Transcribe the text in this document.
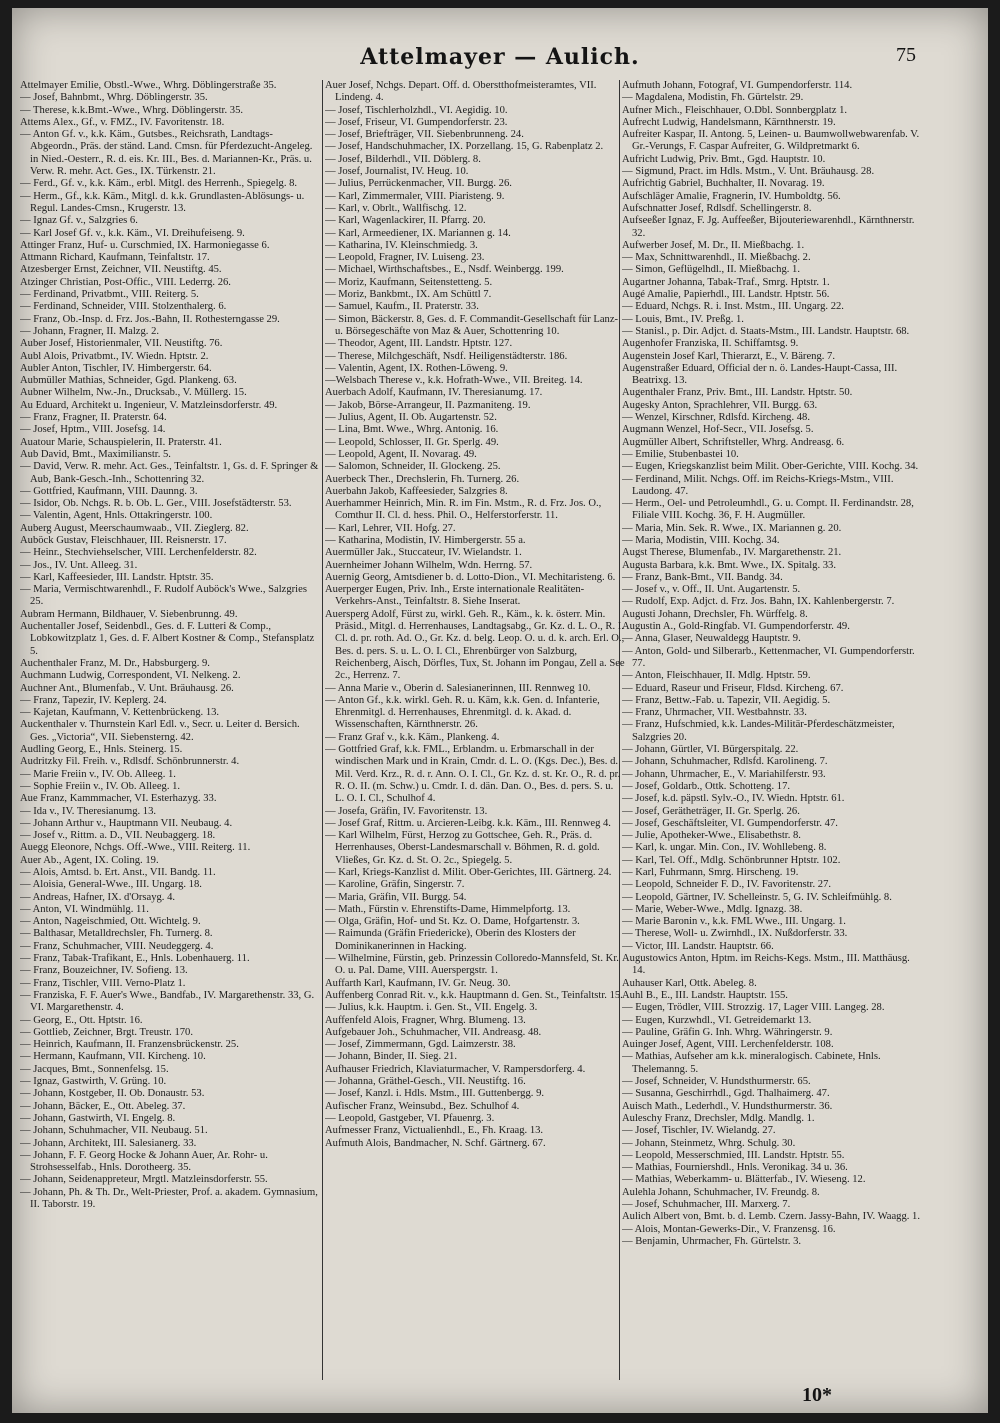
Attelmayer — Aulich.	75

Attelmayer Emilie, Obstl.-Wwe., Whrg. Döblingerstraße 35.

— Josef, Bahnbmt., Whrg. Döblingerstr. 35.

— Therese, k.k.Bmt.-Wwe., Whrg. Döblingerstr. 35.

Attems Alex., Gf., v. FMZ., IV. Favoritenstr. 18.

— Anton Gf. v., k.k. Käm., Gutsbes., Reichsrath, Landtags-Abgeordn., Präs. der ständ. Land. Cmsn. für Pferdezucht-Angeleg. in Nied.-Oesterr., R. d. eis. Kr. III., Bes. d. Mariannen-Kr., Präs. u. Verw. R. mehr. Act. Ges., IX. Türkenstr. 21.

— Ferd., Gf. v., k.k. Käm., erbl. Mitgl. des Herrenh., Spiegelg. 8.

— Herm., Gf., k.k. Käm., Mitgl. d. k.k. Grundlasten-Ablösungs- u. Regul. Landes-Cmsn., Krugerstr. 13.

— Ignaz Gf. v., Salzgries 6.

— Karl Josef Gf. v., k.k. Käm., VI. Dreihufeiseng. 9.

Attinger Franz, Huf- u. Curschmied, IX. Harmoniegasse 6.

Attmann Richard, Kaufmann, Teinfaltstr. 17.

Atzesberger Ernst, Zeichner, VII. Neustiftg. 45.

Atzinger Christian, Post-Offic., VIII. Lederrg. 26.

— Ferdinand, Privatbmt., VIII. Reiterg. 5.

— Ferdinand, Schneider, VIII. Stolzenthalerg. 6.

— Franz, Ob.-Insp. d. Frz. Jos.-Bahn, II. Rothesterngasse 29.

— Johann, Fragner, II. Malzg. 2.

Auber Josef, Historienmaler, VII. Neustiftg. 76.

Aubl Alois, Privatbmt., IV. Wiedn. Hptstr. 2.

Aubler Anton, Tischler, IV. Himbergerstr. 64.

Aubmüller Mathias, Schneider, Ggd. Plankeng. 63.

Aubner Wilhelm, Nw.-Jn., Drucksab., V. Müllerg. 15.

Au Eduard, Architekt u. Ingenieur, V. Matzleinsdorferstr. 49.

— Franz, Fragner, II. Praterstr. 64.

— Josef, Hptm., VIII. Josefsg. 14.

Auatour Marie, Schauspielerin, II. Praterstr. 41.

Aub David, Bmt., Maximilianstr. 5.

— David, Verw. R. mehr. Act. Ges., Teinfaltstr. 1, Gs. d. F. Springer & Aub, Bank-Gesch.-Inh., Schottenring 32.

— Gottfried, Kaufmann, VIII. Daunng. 3.

— Isidor, Ob. Nchgs. R. b. Ob. L. Ger., VIII. Josefstädterstr. 53.

— Valentin, Agent, Hnls. Ottakringerstr. 100.

Auberg August, Meerschaumwaab., VII. Zieglerg. 82.

Auböck Gustav, Fleischhauer, III. Reisnerstr. 17.

— Heinr., Stechviehselscher, VIII. Lerchenfelderstr. 82.

— Jos., IV. Unt. Alleeg. 31.

— Karl, Kaffeesieder, III. Landstr. Hptstr. 35.

— Maria, Vermischtwarenhdl., F. Rudolf Auböck's Wwe., Salzgries 25.

Aubram Hermann, Bildhauer, V. Siebenbrunng. 49.

Auchentaller Josef, Seidenbdl., Ges. d. F. Lutteri & Comp., Lobkowitzplatz 1, Ges. d. F. Albert Kostner & Comp., Stefansplatz 5.

Auchenthaler Franz, M. Dr., Habsburgerg. 9.

Auchmann Ludwig, Correspondent, VI. Nelkeng. 2.

Auchner Ant., Blumenfab., V. Unt. Bräuhausg. 26.

— Franz, Tapezir, IV. Keplerg. 24.

— Kajetan, Kaufmann, V. Kettenbrückeng. 13.

Auckenthaler v. Thurnstein Karl Edl. v., Secr. u. Leiter d. Bersich. Ges. „Victoria“, VII. Siebensterng. 42.

Audling Georg, E., Hnls. Steinerg. 15.

Audritzky Fil. Freih. v., Rdlsdf. Schönbrunnerstr. 4.

— Marie Freiin v., IV. Ob. Alleeg. 1.

— Sophie Freiin v., IV. Ob. Alleeg. 1.

Aue Franz, Kammmacher, VI. Esterhazyg. 33.

— Ida v., IV. Theresianumg. 13.

— Johann Arthur v., Hauptmann VII. Neubaug. 4.

— Josef v., Rittm. a. D., VII. Neubaggerg. 18.

Auegg Eleonore, Nchgs. Off.-Wwe., VIII. Reiterg. 11.

Auer Ab., Agent, IX. Coling. 19.

— Alois, Amtsd. b. Ert. Anst., VII. Bandg. 11.

— Aloisia, General-Wwe., III. Ungarg. 18.

— Andreas, Hafner, IX. d'Orsayg. 4.

— Anton, VI. Windmühlg. 11.

— Anton, Nageischmied, Ott. Wichtelg. 9.

— Balthasar, Metalldrechsler, Fh. Turnerg. 8.

— Franz, Schuhmacher, VIII. Neudeggerg. 4.

— Franz, Tabak-Trafikant, E., Hnls. Lobenhauerg. 11.

— Franz, Bouzeichner, IV. Sofieng. 13.

— Franz, Tischler, VIII. Verno-Platz 1.

— Franziska, F. F. Auer's Wwe., Bandfab., IV. Margarethenstr. 33, G. VI. Margarethenstr. 4.

— Georg, E., Ott. Hptstr. 16.

— Gottlieb, Zeichner, Brgt. Treustr. 170.

— Heinrich, Kaufmann, II. Franzensbrückenstr. 25.

— Hermann, Kaufmann, VII. Kircheng. 10.

— Jacques, Bmt., Sonnenfelsg. 15.

— Ignaz, Gastwirth, V. Grüng. 10.

— Johann, Kostgeber, II. Ob. Donaustr. 53.

— Johann, Bäcker, E., Ott. Abeleg. 37.

— Johann, Gastwirth, VI. Engelg. 8.

— Johann, Schuhmacher, VII. Neubaug. 51.

— Johann, Architekt, III. Salesianerg. 33.

— Johann, F. F. Georg Hocke & Johann Auer, Ar. Rohr- u. Strohsesselfab., Hnls. Dorotheerg. 35.

— Johann, Seidenappreteur, Mrgtl. Matzleinsdorferstr. 55.

— Johann, Ph. & Th. Dr., Welt-Priester, Prof. a. akadem. Gymnasium, II. Taborstr. 19.

Auer Josef, Nchgs. Depart. Off. d. Oberstthofmeisteramtes, VII. Lindeng. 4.

— Josef, Tischlerholzhdl., VI. Aegidig. 10.

— Josef, Friseur, VI. Gumpendorferstr. 23.

— Josef, Briefträger, VII. Siebenbrunneng. 24.

— Josef, Handschuhmacher, IX. Porzellang. 15, G. Rabenplatz 2.

— Josef, Bilderhdl., VII. Döblerg. 8.

— Josef, Journalist, IV. Heug. 10.

— Julius, Perrückenmacher, VII. Burgg. 26.

— Karl, Zimmermaler, VIII. Piaristeng. 9.

— Karl, v. Obrlt., Wallfischg. 12.

— Karl, Wagenlackirer, II. Pfarrg. 20.

— Karl, Armeediener, IX. Mariannen g. 14.

— Katharina, IV. Kleinschmiedg. 3.

— Leopold, Fragner, IV. Luiseng. 23.

— Michael, Wirthschaftsbes., E., Nsdf. Weinbergg. 199.

— Moriz, Kaufmann, Seitenstetteng. 5.

— Moriz, Bankbmt., IX. Am Schüttl 7.

— Samuel, Kaufm., II. Praterstr. 33.

— Simon, Bäckerstr. 8, Ges. d. F. Commandit-Gesellschaft für Lanz- u. Börsegeschäfte von Maz & Auer, Schottenring 10.

— Theodor, Agent, III. Landstr. Hptstr. 127.

— Therese, Milchgeschäft, Nsdf. Heiligenstädterstr. 186.

— Valentin, Agent, IX. Rothen-Löweng. 9.

—Welsbach Therese v., k.k. Hofrath-Wwe., VII. Breiteg. 14.

Auerbach Adolf, Kaufmann, IV. Theresianumg. 17.

— Jakob, Börse-Arrangeur, II. Pazmaniteng. 19.

— Julius, Agent, II. Ob. Augartenstr. 52.

— Lina, Bmt. Wwe., Whrg. Antonig. 16.

— Leopold, Schlosser, II. Gr. Sperlg. 49.

— Leopold, Agent, II. Novarag. 49.

— Salomon, Schneider, II. Glockeng. 25.

Auerbeck Ther., Drechslerin, Fh. Turnerg. 26.

Auerbahn Jakob, Kaffeesieder, Salzgries 8.

Auerhammer Heinrich, Min. R. im Fin. Mstm., R. d. Frz. Jos. O., Comthur II. Cl. d. hess. Phil. O., Helferstorferstr. 11.

— Karl, Lehrer, VII. Hofg. 27.

— Katharina, Modistin, IV. Himbergerstr. 55 a.

Auermüller Jak., Stuccateur, IV. Wielandstr. 1.

Auernheimer Johann Wilhelm, Wdn. Herrng. 57.

Auernig Georg, Amtsdiener b. d. Lotto-Dion., VI. Mechitaristeng. 6.

Auerperger Eugen, Priv. Inh., Erste internationale Realitäten-Verkehrs-Anst., Teinfaltstr. 8. Siehe Inserat.

Auersperg Adolf, Fürst zu, wirkl. Geh. R., Käm., k. k. österr. Min. Präsid., Mitgl. d. Herrenhauses, Landtagsabg., Gr. Kz. d. L. O., R. I. Cl. d. pr. roth. Ad. O., Gr. Kz. d. belg. Leop. O. u. d. k. arch. Erl. O., Bes. d. pers. S. u. L. O. I. Cl., Ehrenbürger von Salzburg, Reichenberg, Aisch, Dörfles, Tux, St. Johann im Pongau, Zell a. See 2c., Herrenz. 7.

— Anna Marie v., Oberin d. Salesianerinnen, III. Rennweg 10.

— Anton Gf., k.k. wirkl. Geh. R. u. Käm, k.k. Gen. d. Infanterie, Ehrenmitgl. d. Herrenhauses, Ehrenmitgl. d. k. Akad. d. Wissenschaften, Kärnthnerstr. 26.

— Franz Graf v., k.k. Käm., Plankeng. 4.

— Gottfried Graf, k.k. FML., Erblandm. u. Erbmarschall in der windischen Mark und in Krain, Cmdr. d. L. O. (Kgs. Dec.), Bes. d. Mil. Verd. Krz., R. d. r. Ann. O. I. Cl., Gr. Kz. d. st. Kr. O., R. d. pr. R. O. II. (m. Schw.) u. Cmdr. I. d. dän. Dan. O., Bes. d. pers. S. u. L. O. I. Cl., Schulhof 4.

— Josefa, Gräfin, IV. Favoritenstr. 13.

— Josef Graf, Rittm. u. Arcieren-Leibg. k.k. Käm., III. Rennweg 4.

— Karl Wilhelm, Fürst, Herzog zu Gottschee, Geh. R., Präs. d. Herrenhauses, Oberst-Landesmarschall v. Böhmen, R. d. gold. Vließes, Gr. Kz. d. St. O. 2c., Spiegelg. 5.

— Karl, Kriegs-Kanzlist d. Milit. Ober-Gerichtes, III. Gärtnerg. 24.

— Karoline, Gräfin, Singerstr. 7.

— Maria, Gräfin, VII. Burgg. 54.

— Math., Fürstin v. Ehrenstifts-Dame, Himmelpfortg. 13.

— Olga, Gräfin, Hof- und St. Kz. O. Dame, Hofgartenstr. 3.

— Raimunda (Gräfin Friedericke), Oberin des Klosters der Dominikanerinnen in Hacking.

— Wilhelmine, Fürstin, geb. Prinzessin Colloredo-Mannsfeld, St. Kr. O. u. Pal. Dame, VIII. Auerspergstr. 1.

Auffarth Karl, Kaufmann, IV. Gr. Neug. 30.

Auffenberg Conrad Rit. v., k.k. Hauptmann d. Gen. St., Teinfaltstr. 15.

— Julius, k.k. Hauptm. i. Gen. St., VII. Engelg. 3.

Auffenfeld Alois, Fragner, Whrg. Blumeng. 13.

Aufgebauer Joh., Schuhmacher, VII. Andreasg. 48.

— Josef, Zimmermann, Ggd. Laimzerstr. 38.

— Johann, Binder, II. Sieg. 21.

Aufhauser Friedrich, Klaviaturmacher, V. Rampersdorferg. 4.

— Johanna, Gräthel-Gesch., VII. Neustiftg. 16.

— Josef, Kanzl. i. Hdls. Mstm., III. Guttenbergg. 9.

Aufischer Franz, Weinsubd., Bez. Schulhof 4.

— Leopold, Gastgeber, VI. Pfauenrg. 3.

Aufmesser Franz, Victualienhdl., E., Fh. Kraag. 13.

Aufmuth Alois, Bandmacher, N. Schf. Gärtnerg. 67.

Aufmuth Johann, Fotograf, VI. Gumpendorferstr. 114.

— Magdalena, Modistin, Fh. Gürtelstr. 29.

Aufner Mich., Fleischhauer, O.Dbl. Sonnbergplatz 1.

Aufrecht Ludwig, Handelsmann, Kärnthnerstr. 19.

Aufreiter Kaspar, II. Antong. 5, Leinen- u. Baumwollwebwarenfab. V. Gr.-Verungs, F. Caspar Aufreiter, G. Wildpretmarkt 6.

Aufricht Ludwig, Priv. Bmt., Ggd. Hauptstr. 10.

— Sigmund, Pract. im Hdls. Mstm., V. Unt. Bräuhausg. 28.

Aufrichtig Gabriel, Buchhalter, II. Novarag. 19.

Aufschläger Amalie, Fragnerin, IV. Humboldtg. 56.

Aufschnatter Josef, Rdlsdf. Schellingerstr. 8.

Aufseeßer Ignaz, F. Jg. Auffeeßer, Bijouteriewarenhdl., Kärnthnerstr. 32.

Aufwerber Josef, M. Dr., II. Mießbachg. 1.

— Max, Schnittwarenhdl., II. Mießbachg. 2.

— Simon, Geflügelhdl., II. Mießbachg. 1.

Augartner Johanna, Tabak-Traf., Smrg. Hptstr. 1.

Augé Amalie, Papierhdl., III. Landstr. Hptstr. 56.

— Eduard, Nchgs. R. i. Inst. Mstm., III. Ungarg. 22.

— Louis, Bmt., IV. Preßg. 1.

— Stanisl., p. Dir. Adjct. d. Staats-Mstm., III. Landstr. Hauptstr. 68.

Augenhofer Franziska, II. Schiffamtsg. 9.

Augenstein Josef Karl, Thierarzt, E., V. Bäreng. 7.

Augenstraßer Eduard, Official der n. ö. Landes-Haupt-Cassa, III. Beatrixg. 13.

Augenthaler Franz, Priv. Bmt., III. Landstr. Hptstr. 50.

Augesky Anton, Sprachlehrer, VII. Burgg. 63.

— Wenzel, Kirschner, Rdlsfd. Kircheng. 48.

Augmann Wenzel, Hof-Secr., VII. Josefsg. 5.

Augmüller Albert, Schriftsteller, Whrg. Andreasg. 6.

— Emilie, Stubenbastei 10.

— Eugen, Kriegskanzlist beim Milit. Ober-Gerichte, VIII. Kochg. 34.

— Ferdinand, Milit. Nchgs. Off. im Reichs-Kriegs-Mstm., VIII. Laudong. 47.

— Herm., Oel- und Petroleumhdl., G. u. Compt. II. Ferdinandstr. 28, Filiale VIII. Kochg. 36, F. H. Augmüller.

— Maria, Min. Sek. R. Wwe., IX. Mariannen g. 20.

— Maria, Modistin, VIII. Kochg. 34.

Augst Therese, Blumenfab., IV. Margarethenstr. 21.

Augusta Barbara, k.k. Bmt. Wwe., IX. Spitalg. 33.

— Franz, Bank-Bmt., VII. Bandg. 34.

— Josef v., v. Off., II. Unt. Augartenstr. 5.

— Rudolf, Exp. Adjct. d. Frz. Jos. Bahn, IX. Kahlenbergerstr. 7.

Augusti Johann, Drechsler, Fh. Würffelg. 8.

Augustin A., Gold-Ringfab. VI. Gumpendorferstr. 49.

— Anna, Glaser, Neuwaldegg Hauptstr. 9.

— Anton, Gold- und Silberarb., Kettenmacher, VI. Gumpendorferstr. 77.

— Anton, Fleischhauer, II. Mdlg. Hptstr. 59.

— Eduard, Raseur und Friseur, Fldsd. Kircheng. 67.

— Franz, Bettw.-Fab. u. Tapezir, VII. Aegidig. 5.

— Franz, Uhrmacher, VII. Westbahnstr. 33.

— Franz, Hufschmied, k.k. Landes-Militär-Pferdeschätzmeister, Salzgries 20.

— Johann, Gürtler, VI. Bürgerspitalg. 22.

— Johann, Schuhmacher, Rdlsfd. Karolineng. 7.

— Johann, Uhrmacher, E., V. Mariahilferstr. 93.

— Josef, Goldarb., Ottk. Schotteng. 17.

— Josef, k.d. päpstl. Sylv.-O., IV. Wiedn. Hptstr. 61.

— Josef, Gerätheträger, II. Gr. Sperlg. 26.

— Josef, Geschäftsleiter, VI. Gumpendorferstr. 47.

— Julie, Apotheker-Wwe., Elisabethstr. 8.

— Karl, k. ungar. Min. Con., IV. Wohllebeng. 8.

— Karl, Tel. Off., Mdlg. Schönbrunner Hptstr. 102.

— Karl, Fuhrmann, Smrg. Hirscheng. 19.

— Leopold, Schneider F. D., IV. Favoritenstr. 27.

— Leopold, Gärtner, IV. Schelleinstr. 5, G. IV. Schleifmühlg. 8.

— Marie, Weber-Wwe., Mdlg. Ignazg. 38.

— Marie Baronin v., k.k. FML Wwe., III. Ungarg. 1.

— Therese, Woll- u. Zwirnhdl., IX. Nußdorferstr. 33.

— Victor, III. Landstr. Hauptstr. 66.

Augustowics Anton, Hptm. im Reichs-Kegs. Mstm., III. Matthäusg. 14.

Auhauser Karl, Ottk. Abeleg. 8.

Auhl B., E., III. Landstr. Hauptstr. 155.

— Eugen, Trödler, VIII. Strozzig. 17, Lager VIII. Langeg. 28.

— Eugen, Kurzwhdl., VI. Getreidemarkt 13.

— Pauline, Gräfin G. Inh. Whrg. Währingerstr. 9.

Auinger Josef, Agent, VIII. Lerchenfelderstr. 108.

— Mathias, Aufseher am k.k. mineralogisch. Cabinete, Hnls. Thelemanng. 5.

— Josef, Schneider, V. Hundsthurmerstr. 65.

— Susanna, Geschirrhdl., Ggd. Thalhaimerg. 47.

Auisch Math., Lederhdl., V. Hundsthurmerstr. 36.

Auleschy Franz, Drechsler, Mdlg. Mandlg. 1.

— Josef, Tischler, IV. Wielandg. 27.

— Johann, Steinmetz, Whrg. Schulg. 30.

— Leopold, Messerschmied, III. Landstr. Hptstr. 55.

— Mathias, Fourniershdl., Hnls. Veronikag. 34 u. 36.

— Mathias, Weberkamm- u. Blätterfab., IV. Wieseng. 12.

Aulehla Johann, Schuhmacher, IV. Freundg. 8.

— Josef, Schuhmacher, III. Marxerg. 7.

Aulich Albert von, Bmt. b. d. Lemb. Czern. Jassy-Bahn, IV. Waagg. 1.

— Alois, Montan-Gewerks-Dir., V. Franzensg. 16.

— Benjamin, Uhrmacher, Fh. Gürtelstr. 3.

10*
